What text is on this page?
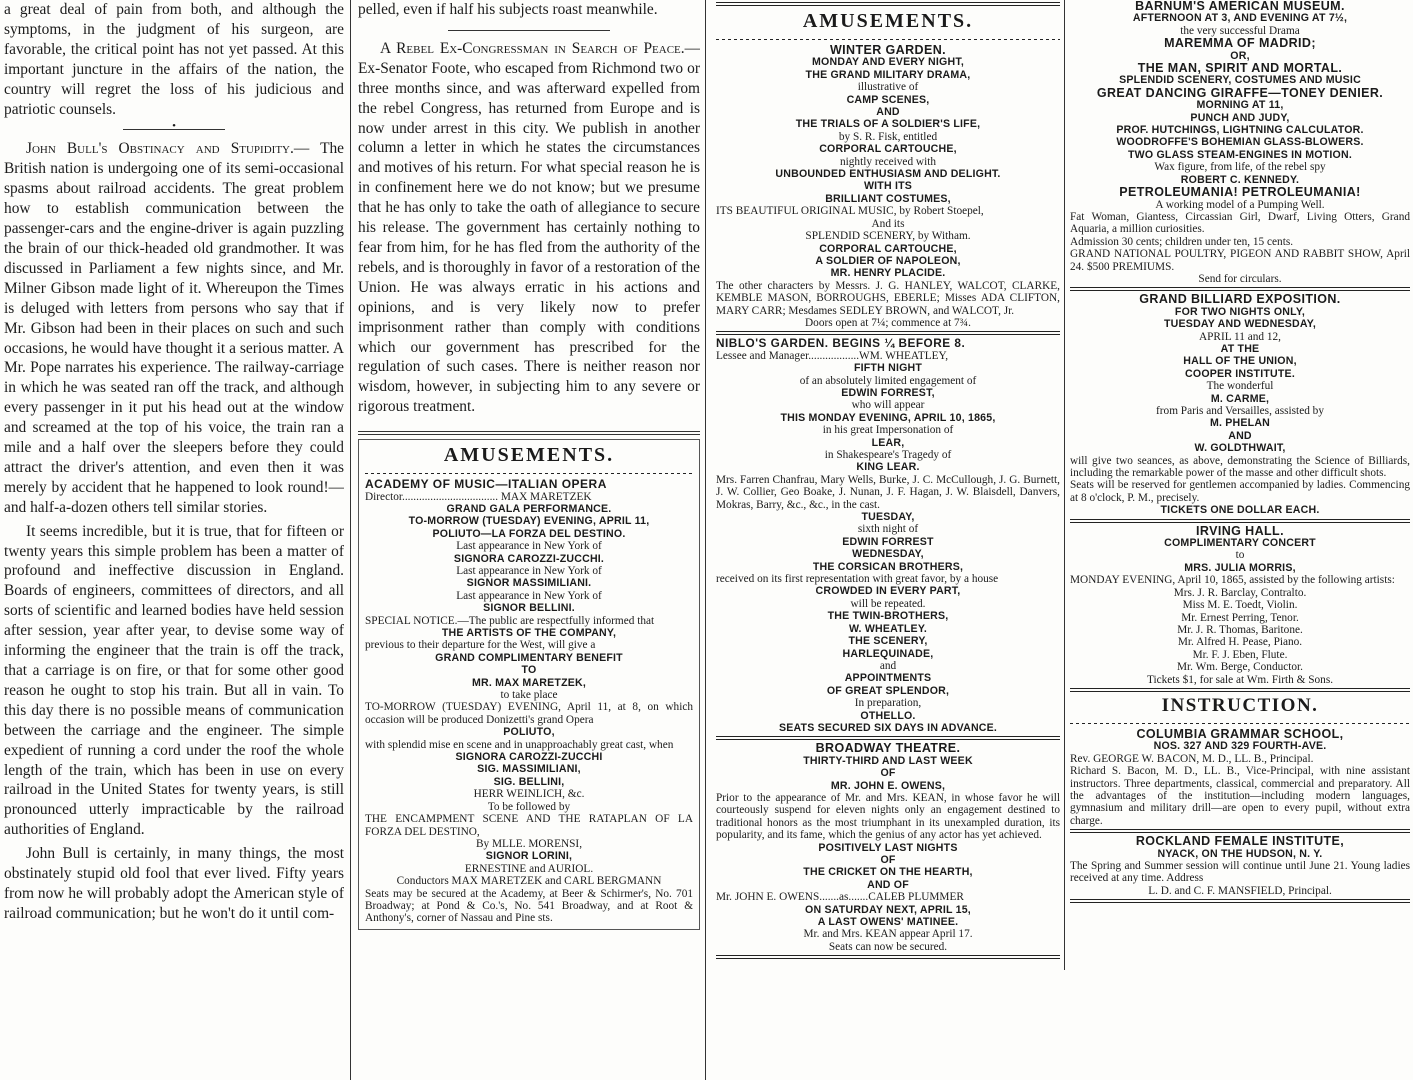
a great deal of pain from both, and although the symptoms, in the judgment of his surgeon, are favorable, the critical point has not yet passed. At this important juncture in the affairs of the nation, the country will regret the loss of his judicious and patriotic counsels.

•

John Bull's Obstinacy and Stupidity.— The British nation is undergoing one of its semi-occasional spasms about railroad accidents. The great problem how to establish communication between the passenger-cars and the engine-driver is again puzzling the brain of our thick-headed old grandmother. It was discussed in Parliament a few nights since, and Mr. Milner Gibson made light of it. Whereupon the Times is deluged with letters from persons who say that if Mr. Gibson had been in their places on such and such occasions, he would have thought it a serious matter. A Mr. Pope narrates his experience. The railway-carriage in which he was seated ran off the track, and although every passenger in it put his head out at the window and screamed at the top of his voice, the train ran a mile and a half over the sleepers before they could attract the driver's attention, and even then it was merely by accident that he happened to look round!—and half-a-dozen others tell similar stories.

It seems incredible, but it is true, that for fifteen or twenty years this simple problem has been a matter of profound and ineffective discussion in England. Boards of engineers, committees of directors, and all sorts of scientific and learned bodies have held session after session, year after year, to devise some way of informing the engineer that the train is off the track, that a carriage is on fire, or that for some other good reason he ought to stop his train. But all in vain. To this day there is no possible means of communication between the carriage and the engineer. The simple expedient of running a cord under the roof the whole length of the train, which has been in use on every railroad in the United States for twenty years, is still pronounced utterly impracticable by the railroad authorities of England.

John Bull is certainly, in many things, the most obstinately stupid old fool that ever lived. Fifty years from now he will probably adopt the American style of railroad communication; but he won't do it until com-

pelled, even if half his subjects roast meanwhile.

A Rebel Ex-Congressman in Search of Peace.—Ex-Senator Foote, who escaped from Richmond two or three months since, and was afterward expelled from the rebel Congress, has returned from Europe and is now under arrest in this city. We publish in another column a letter in which he states the circumstances and motives of his return. For what special reason he is in confinement here we do not know; but we presume that he has only to take the oath of allegiance to secure his release. The government has certainly nothing to fear from him, for he has fled from the authority of the rebels, and is thoroughly in favor of a restoration of the Union. He was always erratic in his actions and opinions, and is very likely now to prefer imprisonment rather than comply with conditions which our government has prescribed for the regulation of such cases. There is neither reason nor wisdom, however, in subjecting him to any severe or rigorous treatment.

AMUSEMENTS.
ACADEMY OF MUSIC—ITALIAN OPERA
Director.................................. MAX MARETZEK
GRAND GALA PERFORMANCE.
TO-MORROW (TUESDAY) EVENING, APRIL 11,
POLIUTO—LA FORZA DEL DESTINO.
Last appearance in New York of
SIGNORA CAROZZI-ZUCCHI.
Last appearance in New York of
SIGNOR MASSIMILIANI.
Last appearance in New York of
SIGNOR BELLINI.
SPECIAL NOTICE.—The public are respectfully informed that
THE ARTISTS OF THE COMPANY,
previous to their departure for the West, will give a
GRAND COMPLIMENTARY BENEFIT
TO
MR. MAX MARETZEK,
to take place
TO-MORROW (TUESDAY) EVENING, April 11, at 8, on which occasion will be produced Donizetti's grand Opera
POLIUTO,
with splendid mise en scene and in unapproachably great cast, when
SIGNORA CAROZZI-ZUCCHI
SIG. MASSIMILIANI,
SIG. BELLINI,
HERR WEINLICH, &c.
To be followed by
THE ENCAMPMENT SCENE AND THE RATAPLAN OF LA FORZA DEL DESTINO,
By MLLE. MORENSI,
SIGNOR LORINI,
ERNESTINE and AURIOL.
Conductors MAX MARETZEK and CARL BERGMANN
Seats may be secured at the Academy, at Beer & Schirmer's, No. 701 Broadway; at Pond & Co.'s, No. 541 Broadway, and at Root & Anthony's, corner of Nassau and Pine sts.
AMUSEMENTS.
WINTER GARDEN.
MONDAY AND EVERY NIGHT,
THE GRAND MILITARY DRAMA,
illustrative of
CAMP SCENES,
AND
THE TRIALS OF A SOLDIER'S LIFE,
by S. R. Fisk, entitled
CORPORAL CARTOUCHE,
nightly received with
UNBOUNDED ENTHUSIASM AND DELIGHT.
WITH ITS
BRILLIANT COSTUMES,
ITS BEAUTIFUL ORIGINAL MUSIC, by Robert Stoepel,
And its
SPLENDID SCENERY, by Witham.
CORPORAL CARTOUCHE,
A SOLDIER OF NAPOLEON,
MR. HENRY PLACIDE.
The other characters by Messrs. J. G. HANLEY, WALCOT, CLARKE, KEMBLE MASON, BORROUGHS, EBERLE; Misses ADA CLIFTON, MARY CARR; Mesdames SEDLEY BROWN, and WALCOT, Jr.
Doors open at 7¼; commence at 7¾.
NIBLO'S GARDEN. BEGINS ¼ BEFORE 8.
Lessee and Manager..................WM. WHEATLEY,
FIFTH NIGHT
of an absolutely limited engagement of
EDWIN FORREST,
who will appear
THIS MONDAY EVENING, APRIL 10, 1865,
in his great Impersonation of
LEAR,
in Shakespeare's Tragedy of
KING LEAR.
Mrs. Farren Chanfrau, Mary Wells, Burke, J. C. McCullough, J. G. Burnett, J. W. Collier, Geo Boake, J. Nunan, J. F. Hagan, J. W. Blaisdell, Danvers, Mokras, Barry, &c., &c., in the cast.
TUESDAY,
sixth night of
EDWIN FORREST
WEDNESDAY,
THE CORSICAN BROTHERS,
received on its first representation with great favor, by a house
CROWDED IN EVERY PART,
will be repeated.
THE TWIN-BROTHERS,
W. WHEATLEY.
THE SCENERY,
HARLEQUINADE,
and
APPOINTMENTS
OF GREAT SPLENDOR,
In preparation,
OTHELLO.
SEATS SECURED SIX DAYS IN ADVANCE.
BROADWAY THEATRE.
THIRTY-THIRD AND LAST WEEK
OF
MR. JOHN E. OWENS,
Prior to the appearance of Mr. and Mrs. KEAN, in whose favor he will courteously suspend for eleven nights only an engagement destined to traditional honors as the most triumphant in its unexampled duration, its popularity, and its fame, which the genius of any actor has yet achieved.
POSITIVELY LAST NIGHTS
OF
THE CRICKET ON THE HEARTH,
AND OF
Mr. JOHN E. OWENS.......as.......CALEB PLUMMER
ON SATURDAY NEXT, APRIL 15,
A LAST OWENS' MATINEE.
Mr. and Mrs. KEAN appear April 17.
Seats can now be secured.
BARNUM'S AMERICAN MUSEUM.
AFTERNOON AT 3, AND EVENING AT 7½,
the very successful Drama
MAREMMA OF MADRID;
OR,
THE MAN, SPIRIT AND MORTAL.
SPLENDID SCENERY, COSTUMES AND MUSIC
GREAT DANCING GIRAFFE—TONEY DENIER.
MORNING AT 11,
PUNCH AND JUDY,
PROF. HUTCHINGS, LIGHTNING CALCULATOR.
WOODROFFE'S BOHEMIAN GLASS-BLOWERS.
TWO GLASS STEAM-ENGINES IN MOTION.
Wax figure, from life, of the rebel spy
ROBERT C. KENNEDY.
PETROLEUMANIA! PETROLEUMANIA!
A working model of a Pumping Well.
Fat Woman, Giantess, Circassian Girl, Dwarf, Living Otters, Grand Aquaria, a million curiosities.
Admission 30 cents; children under ten, 15 cents.
GRAND NATIONAL POULTRY, PIGEON AND RABBIT SHOW, April 24. $500 PREMIUMS.
Send for circulars.
GRAND BILLIARD EXPOSITION.
FOR TWO NIGHTS ONLY,
TUESDAY AND WEDNESDAY,
APRIL 11 and 12,
AT THE
HALL OF THE UNION,
COOPER INSTITUTE.
The wonderful
M. CARME,
from Paris and Versailles, assisted by
M. PHELAN
AND
W. GOLDTHWAIT,
will give two seances, as above, demonstrating the Science of Billiards, including the remarkable power of the masse and other difficult shots.
Seats will be reserved for gentlemen accompanied by ladies. Commencing at 8 o'clock, P. M., precisely.
TICKETS ONE DOLLAR EACH.
IRVING HALL.
COMPLIMENTARY CONCERT
to
MRS. JULIA MORRIS,
MONDAY EVENING, April 10, 1865, assisted by the following artists:
Mrs. J. R. Barclay, Contralto.
Miss M. E. Toedt, Violin.
Mr. Ernest Perring, Tenor.
Mr. J. R. Thomas, Baritone.
Mr. Alfred H. Pease, Piano.
Mr. F. J. Eben, Flute.
Mr. Wm. Berge, Conductor.
Tickets $1, for sale at Wm. Firth & Sons.
INSTRUCTION.
COLUMBIA GRAMMAR SCHOOL,
NOS. 327 AND 329 FOURTH-AVE.
Rev. GEORGE W. BACON, M. D., LL. B., Principal.
Richard S. Bacon, M. D., LL. B., Vice-Principal, with nine assistant instructors. Three departments, classical, commercial and preparatory. All the advantages of the institution—including modern languages, gymnasium and military drill—are open to every pupil, without extra charge.
ROCKLAND FEMALE INSTITUTE,
NYACK, ON THE HUDSON, N. Y.
The Spring and Summer session will continue until June 21. Young ladies received at any time. Address
L. D. and C. F. MANSFIELD, Principal.
